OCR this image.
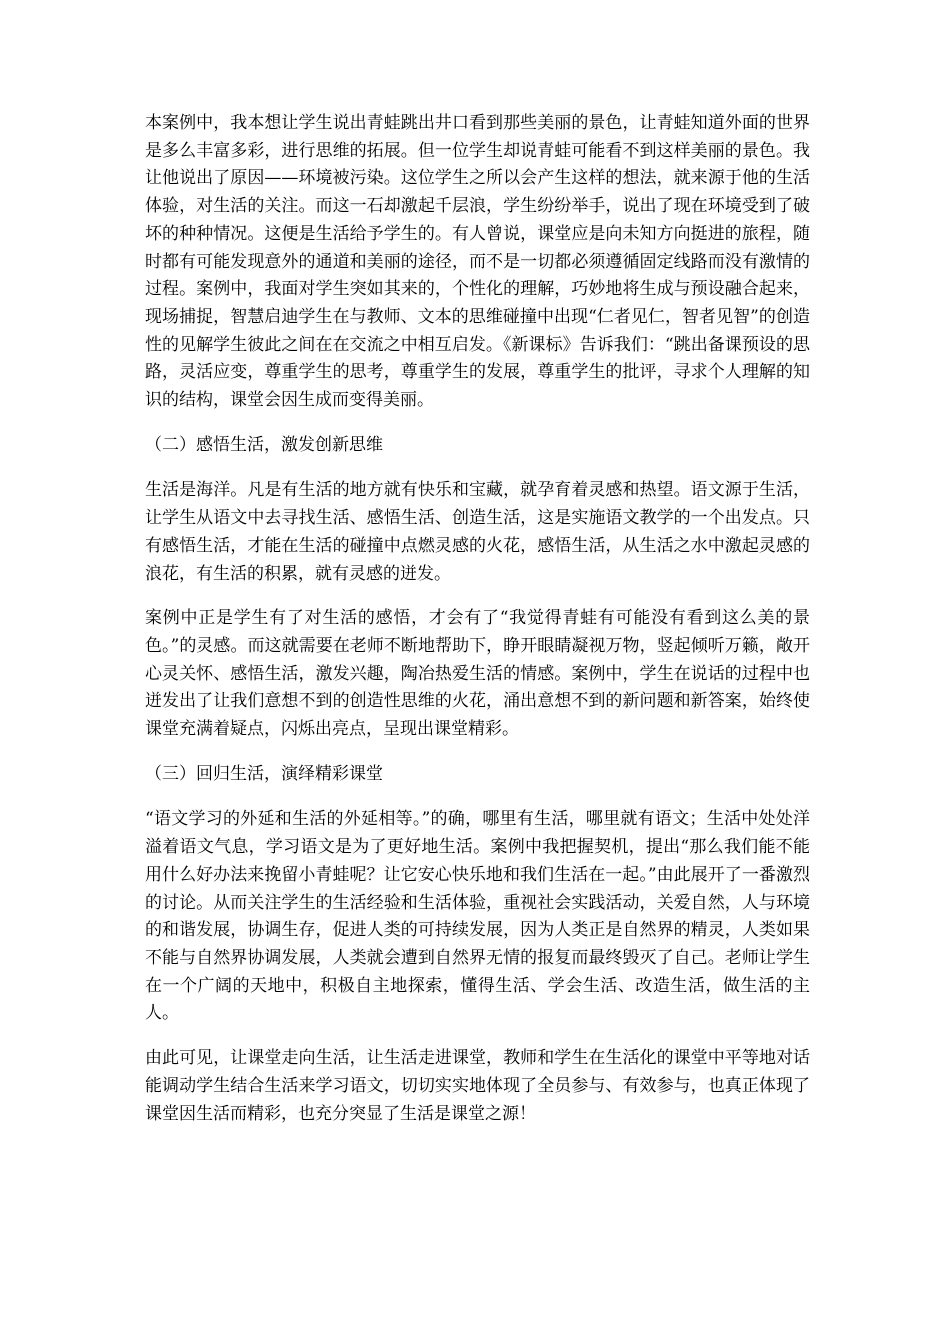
本案例中，我本想让学生说出青蛙跳出井口看到那些美丽的景色，让青蛙知道外面的世界是多么丰富多彩，进行思维的拓展。但一位学生却说青蛙可能看不到这样美丽的景色。我让他说出了原因——环境被污染。这位学生之所以会产生这样的想法，就来源于他的生活体验，对生活的关注。而这一石却激起千层浪，学生纷纷举手，说出了现在环境受到了破坏的种种情况。这便是生活给予学生的。有人曾说，课堂应是向未知方向挺进的旅程，随时都有可能发现意外的通道和美丽的途径，而不是一切都必须遵循固定线路而没有激情的过程。案例中，我面对学生突如其来的，个性化的理解，巧妙地将生成与预设融合起来，现场捕捉，智慧启迪学生在与教师、文本的思维碰撞中出现“仁者见仁，智者见智”的创造性的见解学生彼此之间在在交流之中相互启发。《新课标》告诉我们：“跳出备课预设的思路，灵活应变，尊重学生的思考，尊重学生的发展，尊重学生的批评，寻求个人理解的知识的结构，课堂会因生成而变得美丽。

（二）感悟生活，激发创新思维

生活是海洋。凡是有生活的地方就有快乐和宝藏，就孕育着灵感和热望。语文源于生活，让学生从语文中去寻找生活、感悟生活、创造生活，这是实施语文教学的一个出发点。只有感悟生活，才能在生活的碰撞中点燃灵感的火花，感悟生活，从生活之水中激起灵感的浪花，有生活的积累，就有灵感的迸发。

案例中正是学生有了对生活的感悟，才会有了“我觉得青蛙有可能没有看到这么美的景色。”的灵感。而这就需要在老师不断地帮助下，睁开眼睛凝视万物，竖起倾听万籁，敞开心灵关怀、感悟生活，激发兴趣，陶冶热爱生活的情感。案例中，学生在说话的过程中也迸发出了让我们意想不到的创造性思维的火花，涌出意想不到的新问题和新答案，始终使课堂充满着疑点，闪烁出亮点，呈现出课堂精彩。

（三）回归生活，演绎精彩课堂

“语文学习的外延和生活的外延相等。”的确，哪里有生活，哪里就有语文；生活中处处洋溢着语文气息，学习语文是为了更好地生活。案例中我把握契机，提出“那么我们能不能用什么好办法来挽留小青蛙呢？让它安心快乐地和我们生活在一起。”由此展开了一番激烈的讨论。从而关注学生的生活经验和生活体验，重视社会实践活动，关爱自然，人与环境的和谐发展，协调生存，促进人类的可持续发展，因为人类正是自然界的精灵，人类如果不能与自然界协调发展，人类就会遭到自然界无情的报复而最终毁灭了自己。老师让学生在一个广阔的天地中，积极自主地探索，懂得生活、学会生活、改造生活，做生活的主人。

由此可见，让课堂走向生活，让生活走进课堂，教师和学生在生活化的课堂中平等地对话能调动学生结合生活来学习语文，切切实实地体现了全员参与、有效参与，也真正体现了课堂因生活而精彩，也充分突显了生活是课堂之源！
